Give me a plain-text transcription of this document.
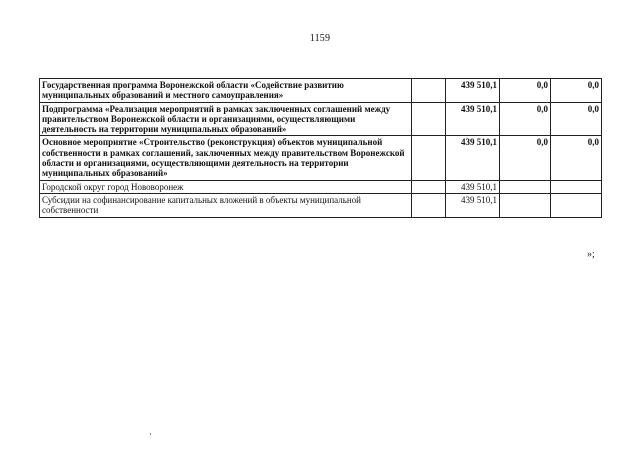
1159
Государственная программа Воронежской области «Содействие развитию муниципальных образований и местного самоуправления»		439 510,1	0,0	0,0
Подпрограмма «Реализация мероприятий в рамках заключенных соглашений между правительством Воронежской области и организациями, осуществляющими деятельность на территории муниципальных образований»		439 510,1	0,0	0,0
Основное мероприятие «Строительство (реконструкция) объектов муниципальной собственности в рамках соглашений, заключенных между правительством Воронежской области и организациями, осуществляющими деятельность на территории муниципальных образований»		439 510,1	0,0	0,0
Городской округ город Нововоронеж		439 510,1		
Субсидии на софинансирование капитальных вложений в объекты муниципальной собственности		439 510,1		
»;
